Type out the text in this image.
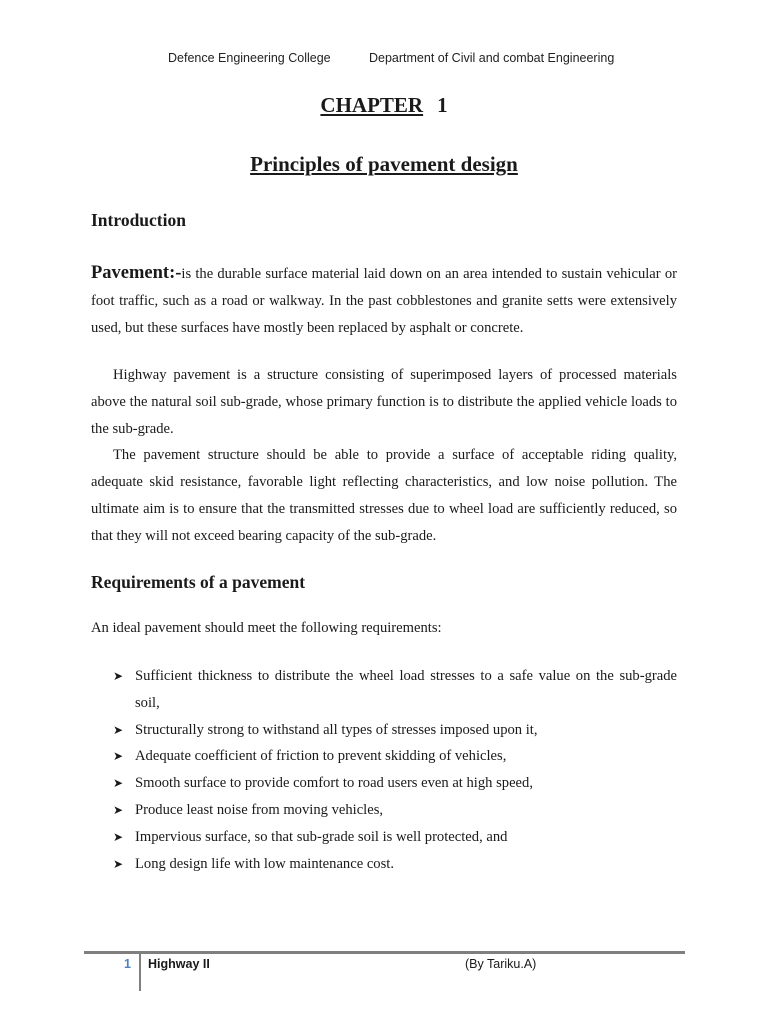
Defence Engineering College	Department of Civil and combat Engineering
CHAPTER 1
Principles of pavement design
Introduction
Pavement:-is the durable surface material laid down on an area intended to sustain vehicular or foot traffic, such as a road or walkway. In the past cobblestones and granite setts were extensively used, but these surfaces have mostly been replaced by asphalt or concrete.
Highway pavement is a structure consisting of superimposed layers of processed materials above the natural soil sub-grade, whose primary function is to distribute the applied vehicle loads to the sub-grade.
The pavement structure should be able to provide a surface of acceptable riding quality, adequate skid resistance, favorable light reflecting characteristics, and low noise pollution. The ultimate aim is to ensure that the transmitted stresses due to wheel load are sufficiently reduced, so that they will not exceed bearing capacity of the sub-grade.
Requirements of a pavement
An ideal pavement should meet the following requirements:
➤ Sufficient thickness to distribute the wheel load stresses to a safe value on the sub-grade soil,
➤ Structurally strong to withstand all types of stresses imposed upon it,
➤ Adequate coefficient of friction to prevent skidding of vehicles,
➤ Smooth surface to provide comfort to road users even at high speed,
➤ Produce least noise from moving vehicles,
➤ Impervious surface, so that sub-grade soil is well protected, and
➤ Long design life with low maintenance cost.
1 Highway II	(By Tariku.A)
